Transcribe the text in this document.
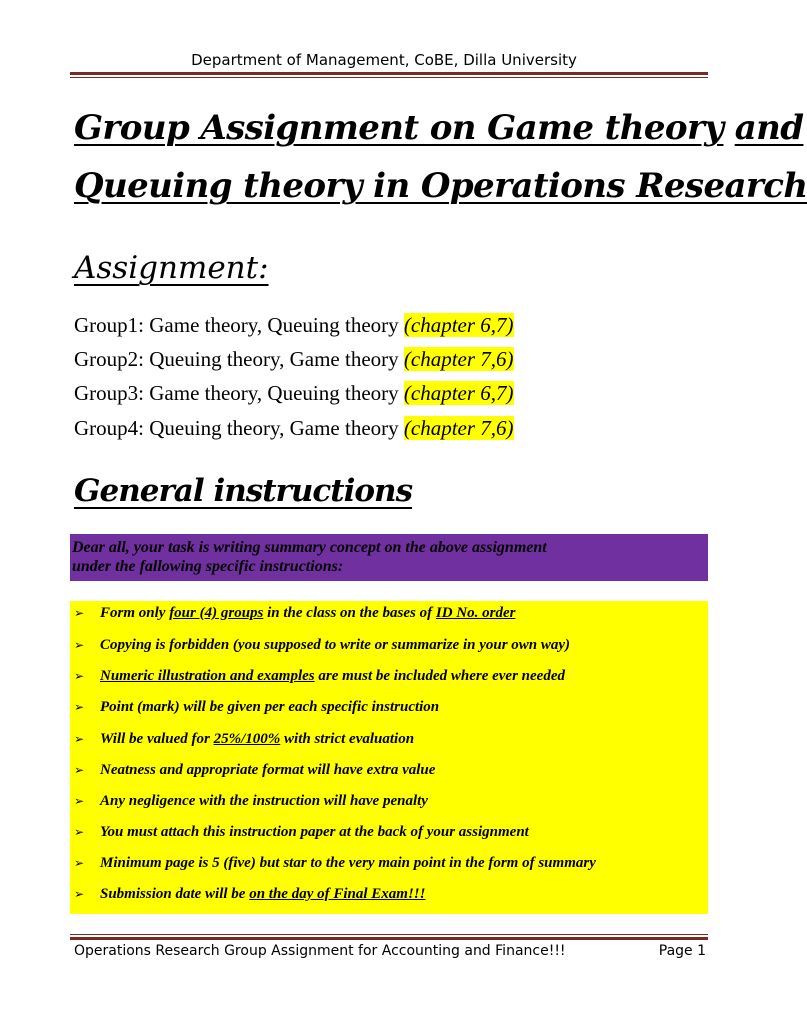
Department of Management, CoBE, Dilla University
Group Assignment on Game theory and
Queuing theory in Operations Research
Assignment:
Group1: Game theory, Queuing theory (chapter 6,7)
Group2: Queuing theory, Game theory (chapter 7,6)
Group3: Game theory, Queuing theory (chapter 6,7)
Group4: Queuing theory, Game theory (chapter 7,6)
General instructions
Dear all, your task is writing summary concept on the above assignment
under the fallowing specific instructions:
➢ Form only four (4) groups in the class on the bases of ID No. order
➢ Copying is forbidden (you supposed to write or summarize in your own way)
➢ Numeric illustration and examples are must be included where ever needed
➢ Point (mark) will be given per each specific instruction
➢ Will be valued for 25%/100% with strict evaluation
➢ Neatness and appropriate format will have extra value
➢ Any negligence with the instruction will have penalty
➢ You must attach this instruction paper at the back of your assignment
➢ Minimum page is 5 (five) but star to the very main point in the form of summary
➢ Submission date will be on the day of Final Exam!!!
Operations Research Group Assignment for Accounting and Finance!!!	Page 1
